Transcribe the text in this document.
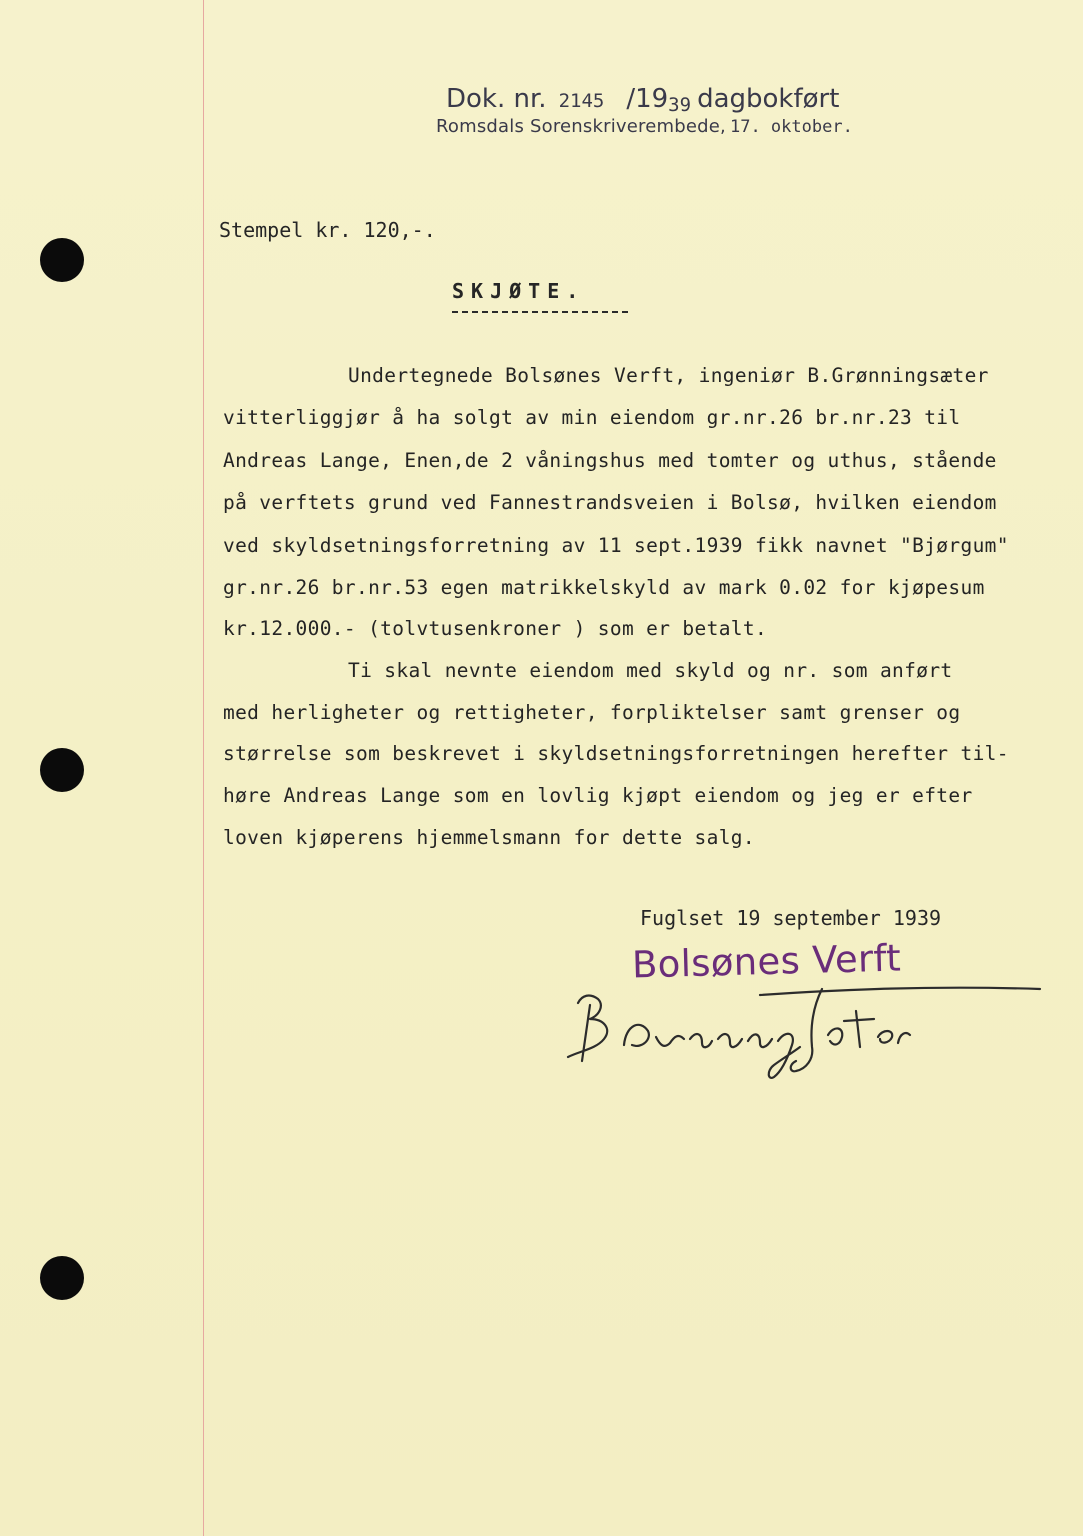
Dok. nr. 2145 /1939 dagbokført
Romsdals Sorenskriverembede, 17. oktober.
Stempel kr. 120,-.
SKJØTE.
Undertegnede Bolsønes Verft, ingeniør B.Grønningsæter
vitterliggjør å ha solgt av min eiendom gr.nr.26 br.nr.23 til
Andreas Lange, Enen,de 2 våningshus med tomter og uthus, stående
på verftets grund ved Fannestrandsveien i Bolsø, hvilken eiendom
ved skyldsetningsforretning av 11 sept.1939 fikk navnet "Bjørgum"
gr.nr.26 br.nr.53 egen matrikkelskyld av mark 0.02 for kjøpesum
kr.12.000.- (tolvtusenkroner ) som er betalt.
Ti skal nevnte eiendom med skyld og nr. som anført
med herligheter og rettigheter, forpliktelser samt grenser og
størrelse som beskrevet i skyldsetningsforretningen herefter til-
høre Andreas Lange som en lovlig kjøpt eiendom og jeg er efter
loven kjøperens hjemmelsmann for dette salg.
Fuglset 19 september 1939
Bolsønes Verft
